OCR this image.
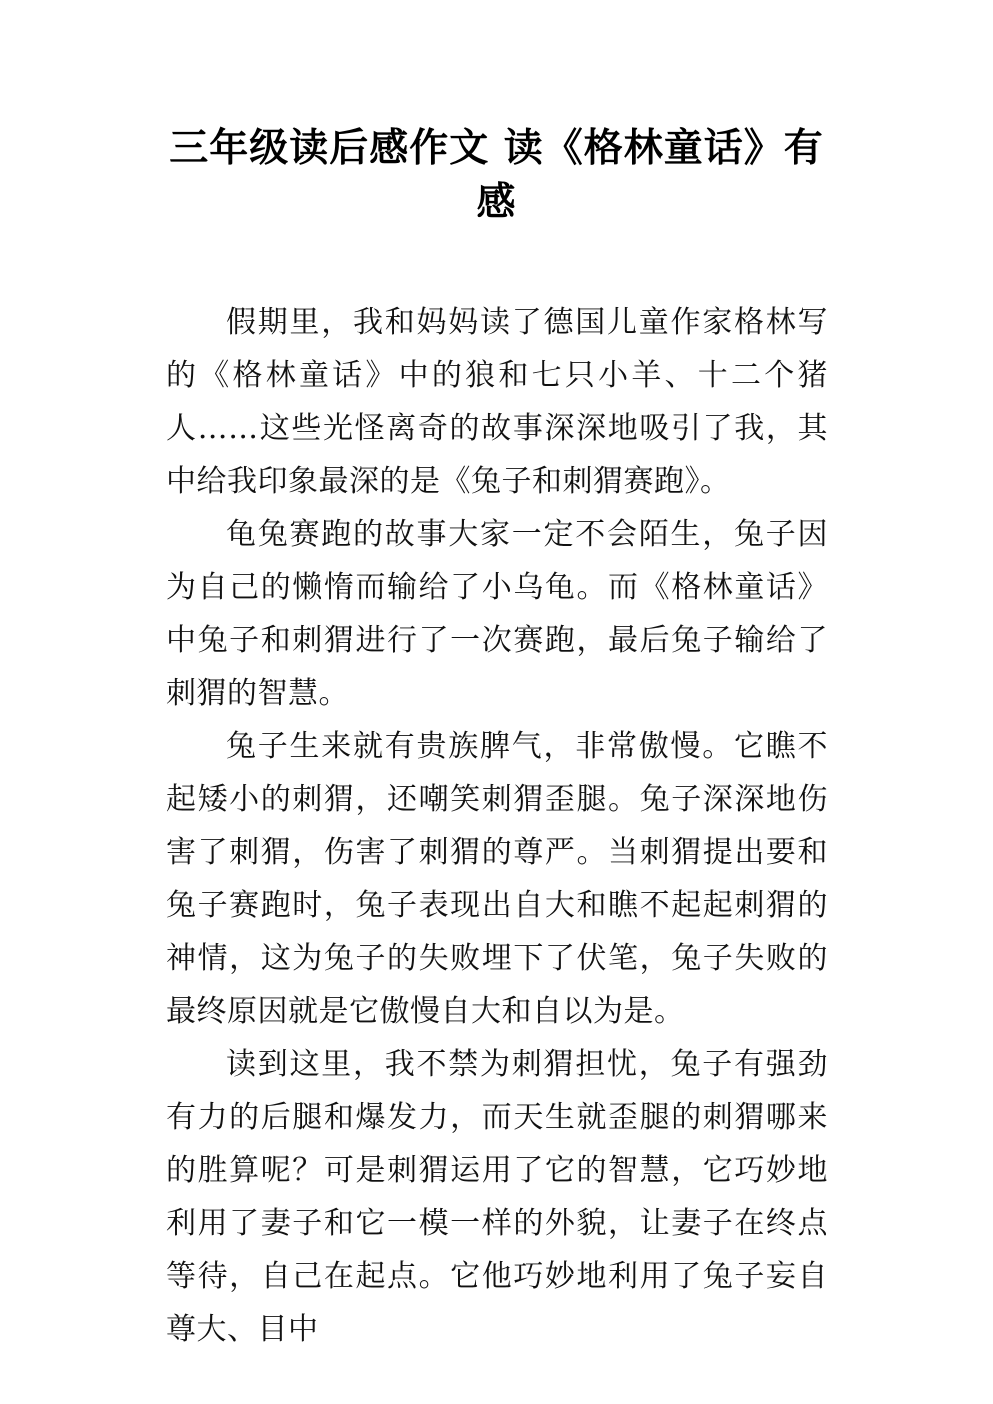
三年级读后感作文 读《格林童话》有感

假期里，我和妈妈读了德国儿童作家格林写的《格林童话》中的狼和七只小羊、十二个猪人……这些光怪离奇的故事深深地吸引了我，其中给我印象最深的是《兔子和刺猬赛跑》。

龟兔赛跑的故事大家一定不会陌生，兔子因为自己的懒惰而输给了小乌龟。而《格林童话》中兔子和刺猬进行了一次赛跑，最后兔子输给了刺猬的智慧。

兔子生来就有贵族脾气，非常傲慢。它瞧不起矮小的刺猬，还嘲笑刺猬歪腿。兔子深深地伤害了刺猬，伤害了刺猬的尊严。当刺猬提出要和兔子赛跑时，兔子表现出自大和瞧不起起刺猬的神情，这为兔子的失败埋下了伏笔，兔子失败的最终原因就是它傲慢自大和自以为是。

读到这里，我不禁为刺猬担忧，兔子有强劲有力的后腿和爆发力，而天生就歪腿的刺猬哪来的胜算呢？可是刺猬运用了它的智慧，它巧妙地利用了妻子和它一模一样的外貌，让妻子在终点等待，自己在起点。它他巧妙地利用了兔子妄自尊大、目中
